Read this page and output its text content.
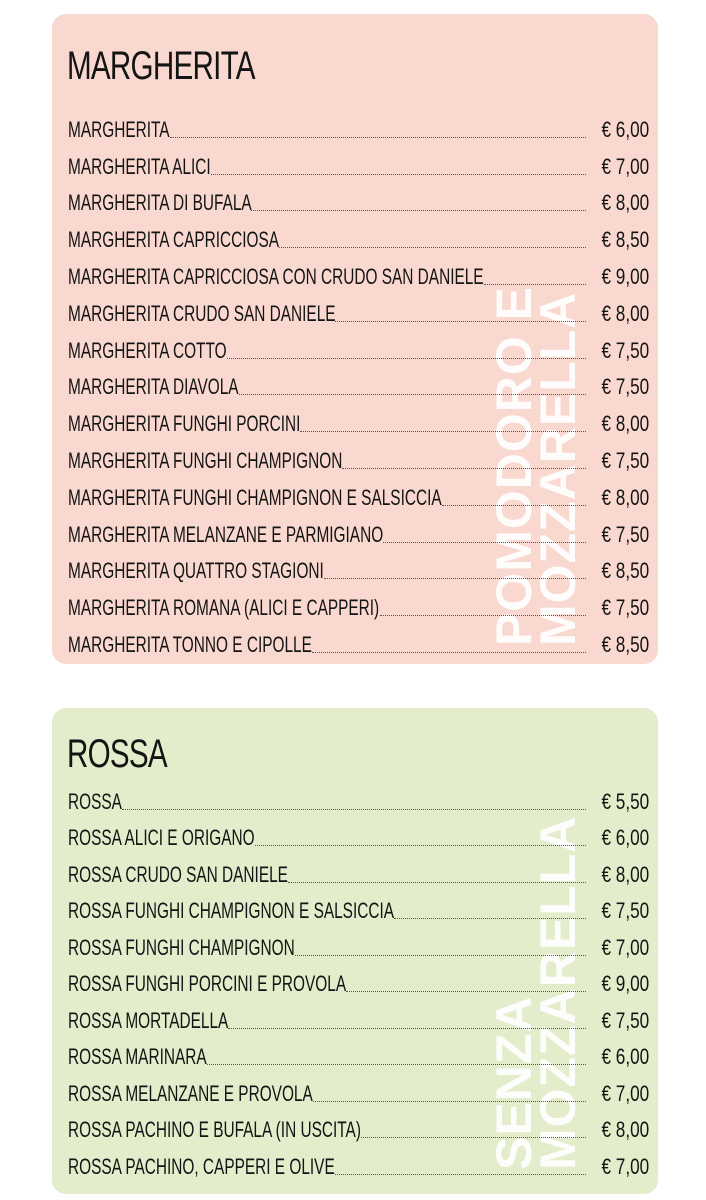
MARGHERITA
POMODORO E
MOZZARELLA
MARGHERITA	€ 6,00
MARGHERITA ALICI	€ 7,00
MARGHERITA DI BUFALA	€ 8,00
MARGHERITA CAPRICCIOSA	€ 8,50
MARGHERITA CAPRICCIOSA CON CRUDO SAN DANIELE	€ 9,00
MARGHERITA CRUDO SAN DANIELE	€ 8,00
MARGHERITA COTTO	€ 7,50
MARGHERITA DIAVOLA	€ 7,50
MARGHERITA FUNGHI PORCINI	€ 8,00
MARGHERITA FUNGHI CHAMPIGNON	€ 7,50
MARGHERITA FUNGHI CHAMPIGNON E SALSICCIA	€ 8,00
MARGHERITA MELANZANE E PARMIGIANO	€ 7,50
MARGHERITA QUATTRO STAGIONI	€ 8,50
MARGHERITA ROMANA (ALICI E CAPPERI)	€ 7,50
MARGHERITA TONNO E CIPOLLE	€ 8,50
ROSSA
SENZA
MOZZARELLA
ROSSA	€ 5,50
ROSSA ALICI E ORIGANO	€ 6,00
ROSSA CRUDO SAN DANIELE	€ 8,00
ROSSA FUNGHI CHAMPIGNON E SALSICCIA	€ 7,50
ROSSA FUNGHI CHAMPIGNON	€ 7,00
ROSSA FUNGHI PORCINI E PROVOLA	€ 9,00
ROSSA MORTADELLA	€ 7,50
ROSSA MARINARA	€ 6,00
ROSSA MELANZANE E PROVOLA	€ 7,00
ROSSA PACHINO E BUFALA (IN USCITA)	€ 8,00
ROSSA PACHINO, CAPPERI E OLIVE	€ 7,00
